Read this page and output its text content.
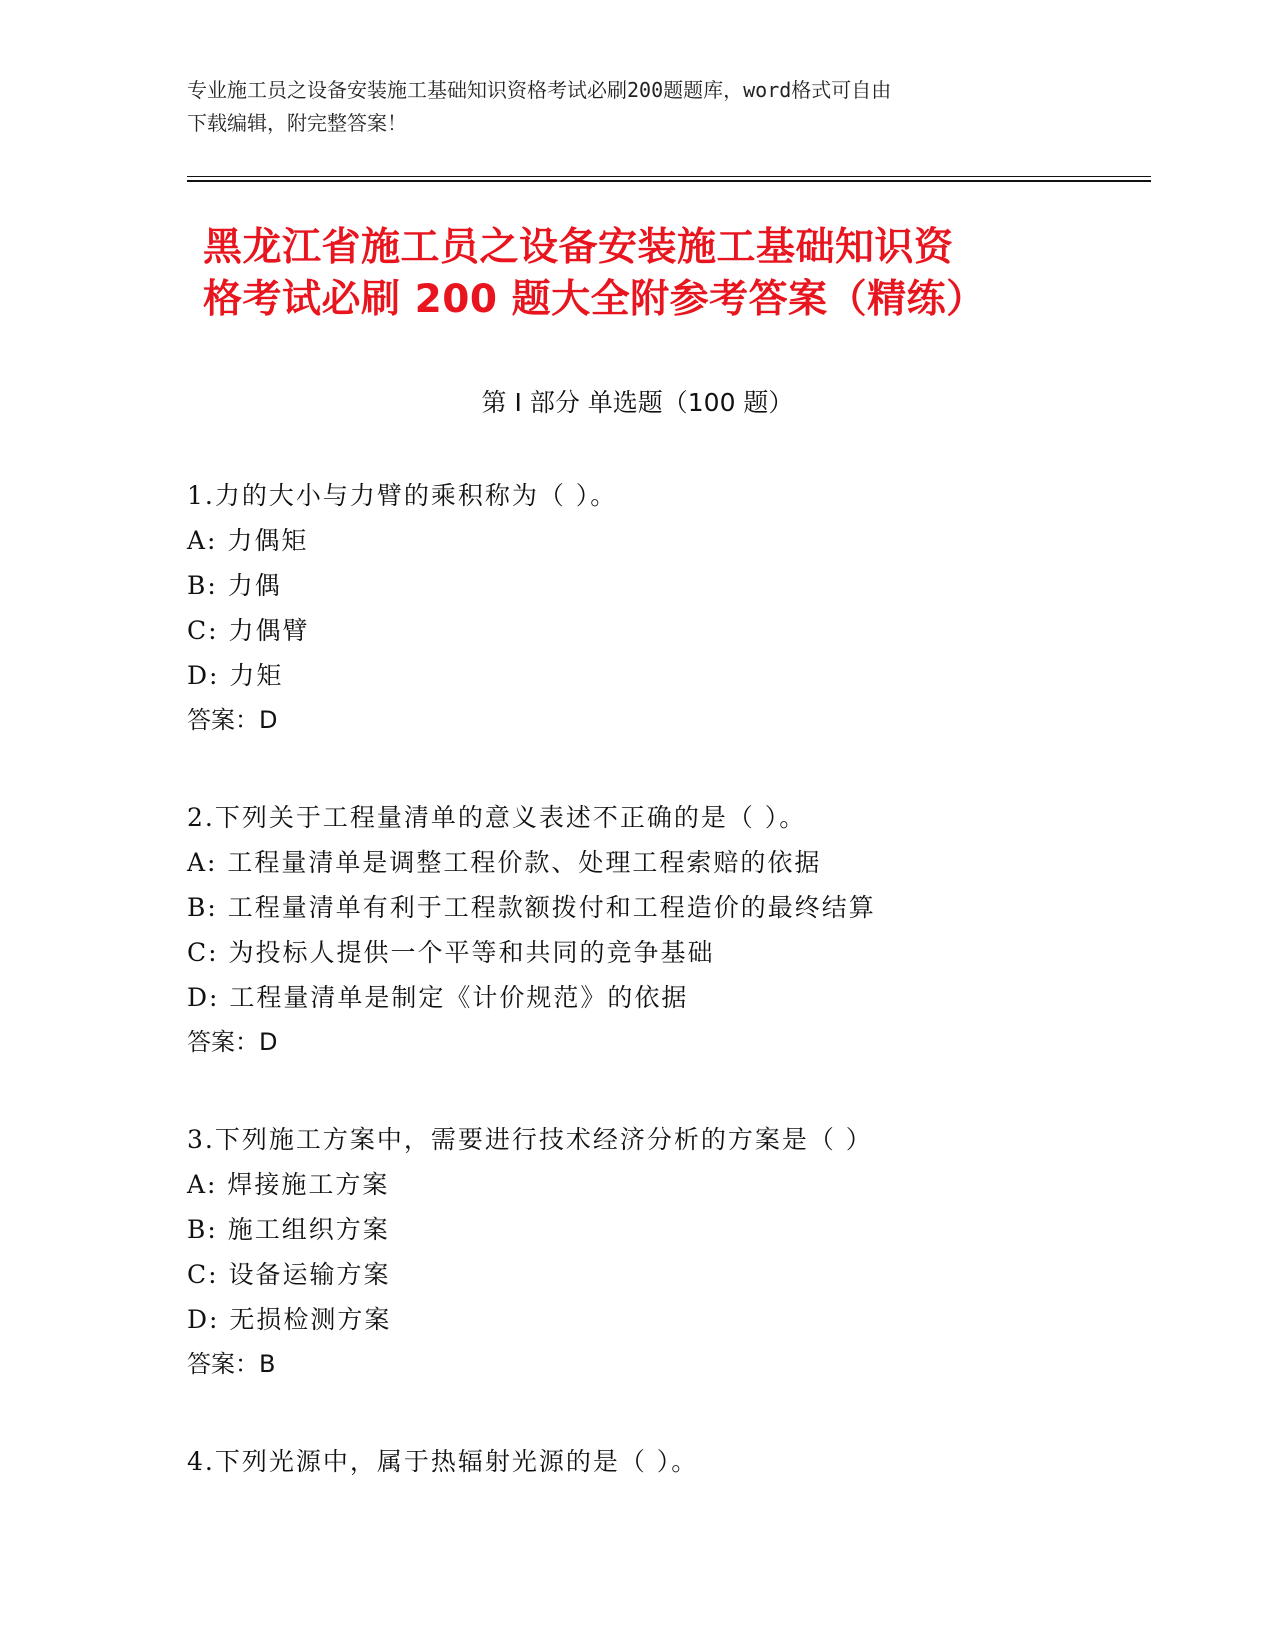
专业施工员之设备安装施工基础知识资格考试必刷200题题库，word格式可自由
下载编辑，附完整答案！
黑龙江省施工员之设备安装施工基础知识资
格考试必刷 200 题大全附参考答案（精练）
第 I 部分 单选题（100 题）
1.力的大小与力臂的乘积称为（ ）。
A: 力偶矩
B: 力偶
C: 力偶臂
D: 力矩
答案：D
2.下列关于工程量清单的意义表述不正确的是（ ）。
A: 工程量清单是调整工程价款、处理工程索赔的依据
B: 工程量清单有利于工程款额拨付和工程造价的最终结算
C: 为投标人提供一个平等和共同的竞争基础
D: 工程量清单是制定《计价规范》的依据
答案：D
3.下列施工方案中，需要进行技术经济分析的方案是（ ）
A: 焊接施工方案
B: 施工组织方案
C: 设备运输方案
D: 无损检测方案
答案：B
4.下列光源中，属于热辐射光源的是（ ）。
